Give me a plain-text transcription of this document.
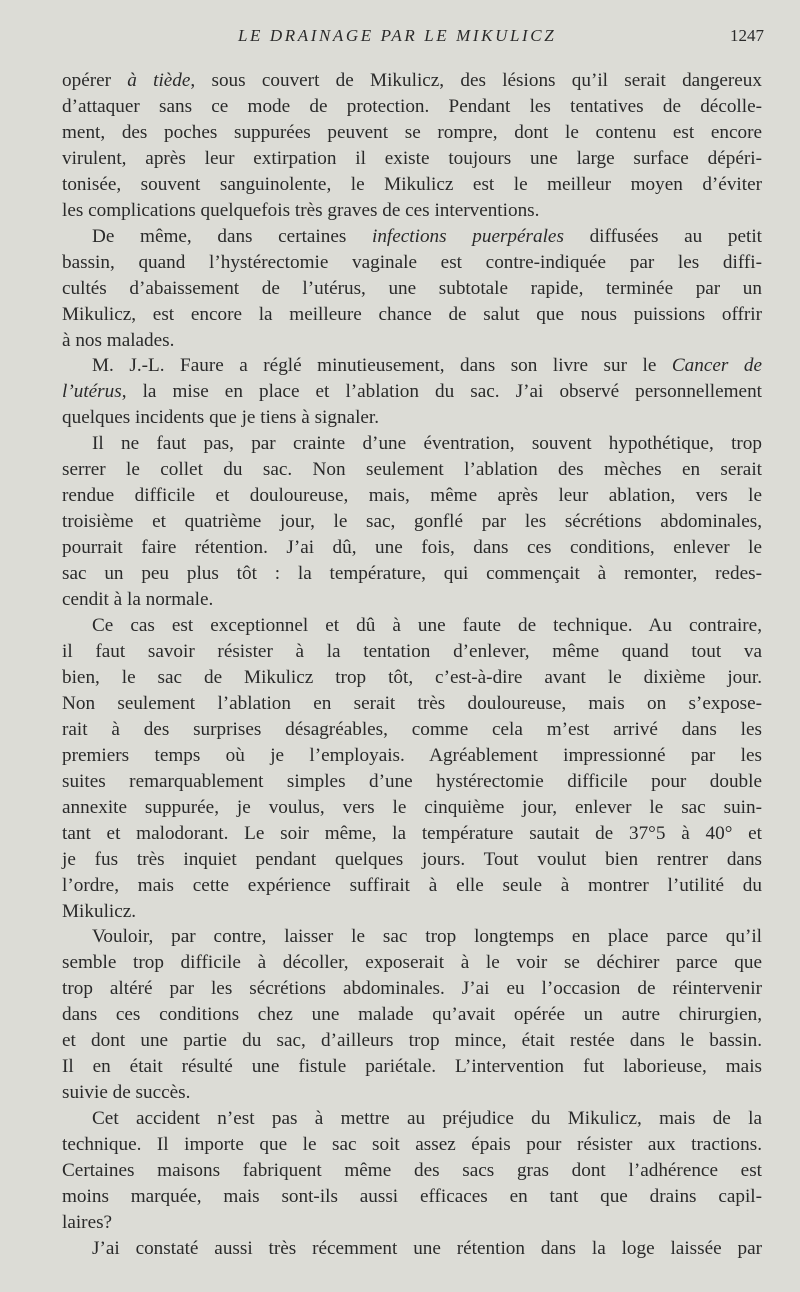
LE DRAINAGE PAR LE MIKULICZ	1247
opérer à tiède, sous couvert de Mikulicz, des lésions qu’il serait dangereux
d’attaquer sans ce mode de protection. Pendant les tentatives de décolle-
ment, des poches suppurées peuvent se rompre, dont le contenu est encore
virulent, après leur extirpation il existe toujours une large surface dépéri-
tonisée, souvent sanguinolente, le Mikulicz est le meilleur moyen d’éviter
les complications quelquefois très graves de ces interventions.
De même, dans certaines infections puerpérales diffusées au petit
bassin, quand l’hystérectomie vaginale est contre-indiquée par les diffi-
cultés d’abaissement de l’utérus, une subtotale rapide, terminée par un
Mikulicz, est encore la meilleure chance de salut que nous puissions offrir
à nos malades.
M. J.-L. Faure a réglé minutieusement, dans son livre sur le Cancer de
l’utérus, la mise en place et l’ablation du sac. J’ai observé personnellement
quelques incidents que je tiens à signaler.
Il ne faut pas, par crainte d’une éventration, souvent hypothétique, trop
serrer le collet du sac. Non seulement l’ablation des mèches en serait
rendue difficile et douloureuse, mais, même après leur ablation, vers le
troisième et quatrième jour, le sac, gonflé par les sécrétions abdominales,
pourrait faire rétention. J’ai dû, une fois, dans ces conditions, enlever le
sac un peu plus tôt : la température, qui commençait à remonter, redes-
cendit à la normale.
Ce cas est exceptionnel et dû à une faute de technique. Au contraire,
il faut savoir résister à la tentation d’enlever, même quand tout va
bien, le sac de Mikulicz trop tôt, c’est-à-dire avant le dixième jour.
Non seulement l’ablation en serait très douloureuse, mais on s’expose-
rait à des surprises désagréables, comme cela m’est arrivé dans les
premiers temps où je l’employais. Agréablement impressionné par les
suites remarquablement simples d’une hystérectomie difficile pour double
annexite suppurée, je voulus, vers le cinquième jour, enlever le sac suin-
tant et malodorant. Le soir même, la température sautait de 37°5 à 40° et
je fus très inquiet pendant quelques jours. Tout voulut bien rentrer dans
l’ordre, mais cette expérience suffirait à elle seule à montrer l’utilité du
Mikulicz.
Vouloir, par contre, laisser le sac trop longtemps en place parce qu’il
semble trop difficile à décoller, exposerait à le voir se déchirer parce que
trop altéré par les sécrétions abdominales. J’ai eu l’occasion de réintervenir
dans ces conditions chez une malade qu’avait opérée un autre chirurgien,
et dont une partie du sac, d’ailleurs trop mince, était restée dans le bassin.
Il en était résulté une fistule pariétale. L’intervention fut laborieuse, mais
suivie de succès.
Cet accident n’est pas à mettre au préjudice du Mikulicz, mais de la
technique. Il importe que le sac soit assez épais pour résister aux tractions.
Certaines maisons fabriquent même des sacs gras dont l’adhérence est
moins marquée, mais sont-ils aussi efficaces en tant que drains capil-
laires?
J’ai constaté aussi très récemment une rétention dans la loge laissée par
